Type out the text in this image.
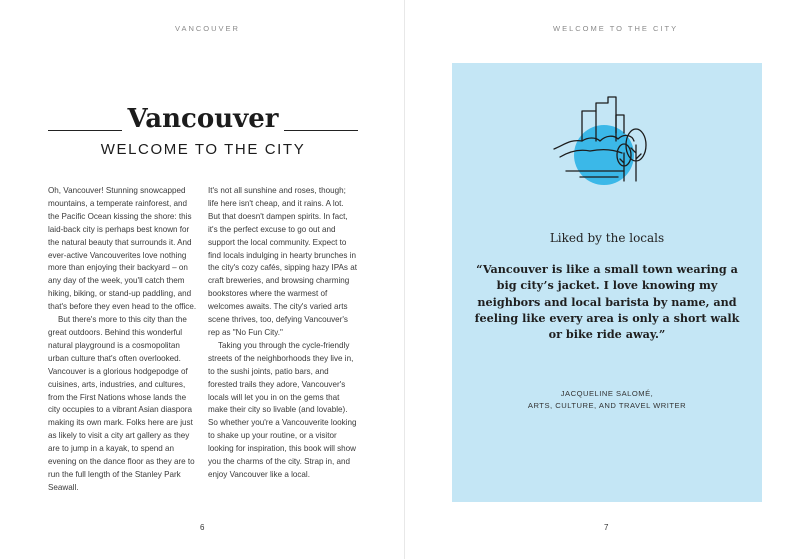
VANCOUVER
Vancouver
WELCOME TO THE CITY

Oh, Vancouver! Stunning snowcapped mountains, a temperate rainforest, and the Pacific Ocean kissing the shore: this laid-back city is perhaps best known for the natural beauty that surrounds it. And ever-active Vancouverites love nothing more than enjoying their backyard – on any day of the week, you'll catch them hiking, biking, or stand-up paddling, and that's before they even head to the office.

But there's more to this city than the great outdoors. Behind this wonderful natural playground is a cosmopolitan urban culture that's often overlooked. Vancouver is a glorious hodgepodge of cuisines, arts, industries, and cultures, from the First Nations whose lands the city occupies to a vibrant Asian diaspora making its own mark. Folks here are just as likely to visit a city art gallery as they are to jump in a kayak, to spend an evening on the dance floor as they are to run the full length of the Stanley Park Seawall.

It's not all sunshine and roses, though; life here isn't cheap, and it rains. A lot. But that doesn't dampen spirits. In fact, it's the perfect excuse to go out and support the local community. Expect to find locals indulging in hearty brunches in the city's cozy cafés, sipping hazy IPAs at craft breweries, and browsing charming bookstores where the warmest of welcomes awaits. The city's varied arts scene thrives, too, defying Vancouver's rep as "No Fun City."

Taking you through the cycle-friendly streets of the neighborhoods they live in, to the sushi joints, patio bars, and forested trails they adore, Vancouver's locals will let you in on the gems that make their city so livable (and lovable). So whether you're a Vancouverite looking to shake up your routine, or a visitor looking for inspiration, this book will show you the charms of the city. Strap in, and enjoy Vancouver like a local.

6
WELCOME TO THE CITY

Liked by the locals

“Vancouver is like a small town wearing a big city’s jacket. I love knowing my neighbors and local barista by name, and feeling like every area is only a short walk or bike ride away.”

JACQUELINE SALOMÉ,
ARTS, CULTURE, AND TRAVEL WRITER
7
